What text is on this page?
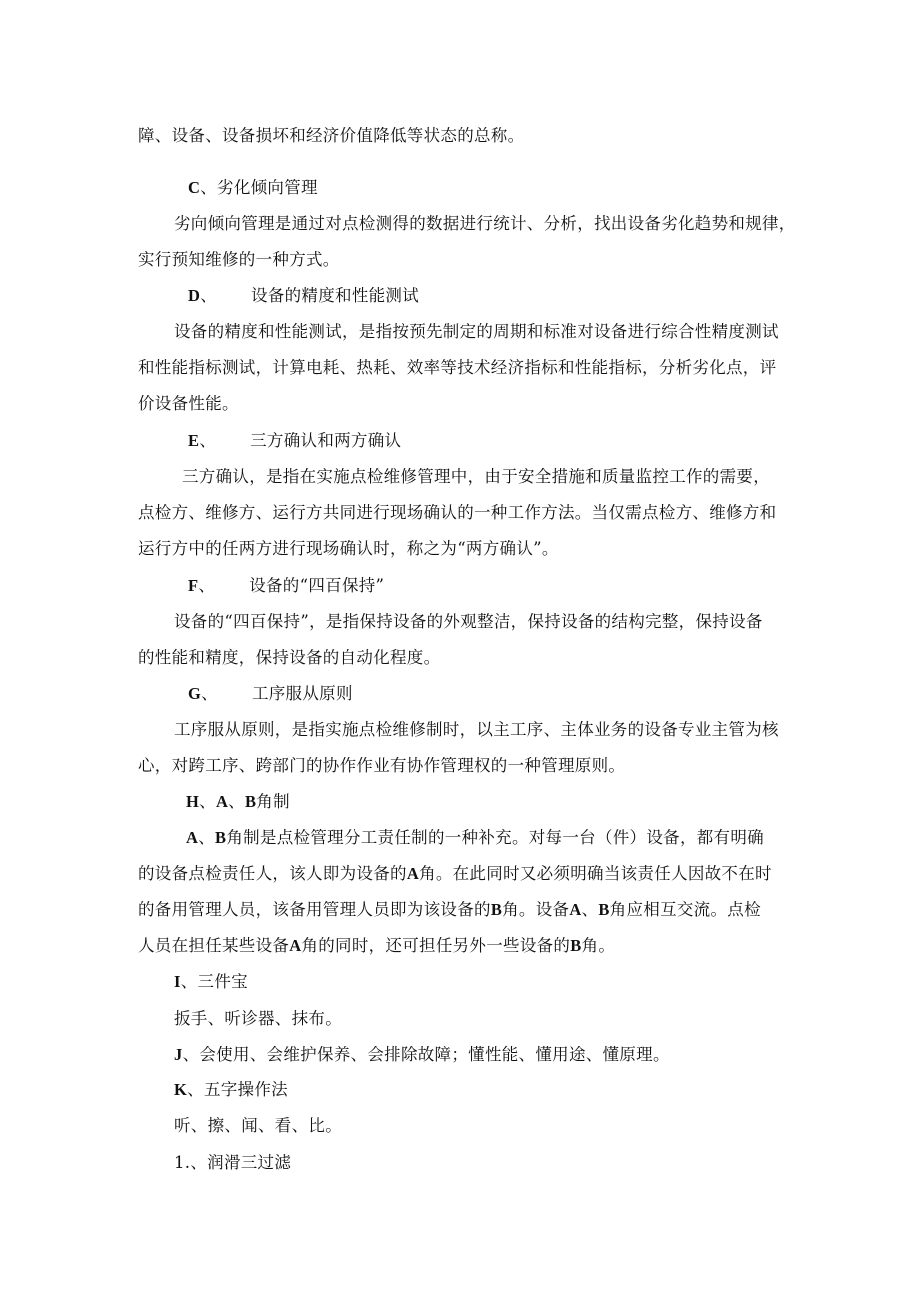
障、设备、设备损坏和经济价值降低等状态的总称。
C、劣化倾向管理
劣向倾向管理是通过对点检测得的数据进行统计、分析，找出设备劣化趋势和规律，
实行预知维修的一种方式。
D、 设备的精度和性能测试
设备的精度和性能测试，是指按预先制定的周期和标准对设备进行综合性精度测试
和性能指标测试，计算电耗、热耗、效率等技术经济指标和性能指标，分析劣化点，评
价设备性能。
E、 三方确认和两方确认
三方确认，是指在实施点检维修管理中，由于安全措施和质量监控工作的需要，
点检方、维修方、运行方共同进行现场确认的一种工作方法。当仅需点检方、维修方和
运行方中的任两方进行现场确认时，称之为“两方确认”。
F、 设备的“四百保持”
设备的“四百保持”，是指保持设备的外观整洁，保持设备的结构完整，保持设备
的性能和精度，保持设备的自动化程度。
G、 工序服从原则
工序服从原则，是指实施点检维修制时，以主工序、主体业务的设备专业主管为核
心，对跨工序、跨部门的协作作业有协作管理权的一种管理原则。
H、A、B角制
A、B角制是点检管理分工责任制的一种补充。对每一台（件）设备，都有明确
的设备点检责任人，该人即为设备的A角。在此同时又必须明确当该责任人因故不在时
的备用管理人员，该备用管理人员即为该设备的B角。设备A、B角应相互交流。点检
人员在担任某些设备A角的同时，还可担任另外一些设备的B角。
I、三件宝
扳手、听诊器、抹布。
J、会使用、会维护保养、会排除故障；懂性能、懂用途、懂原理。
K、五字操作法
听、擦、闻、看、比。
1.、润滑三过滤
